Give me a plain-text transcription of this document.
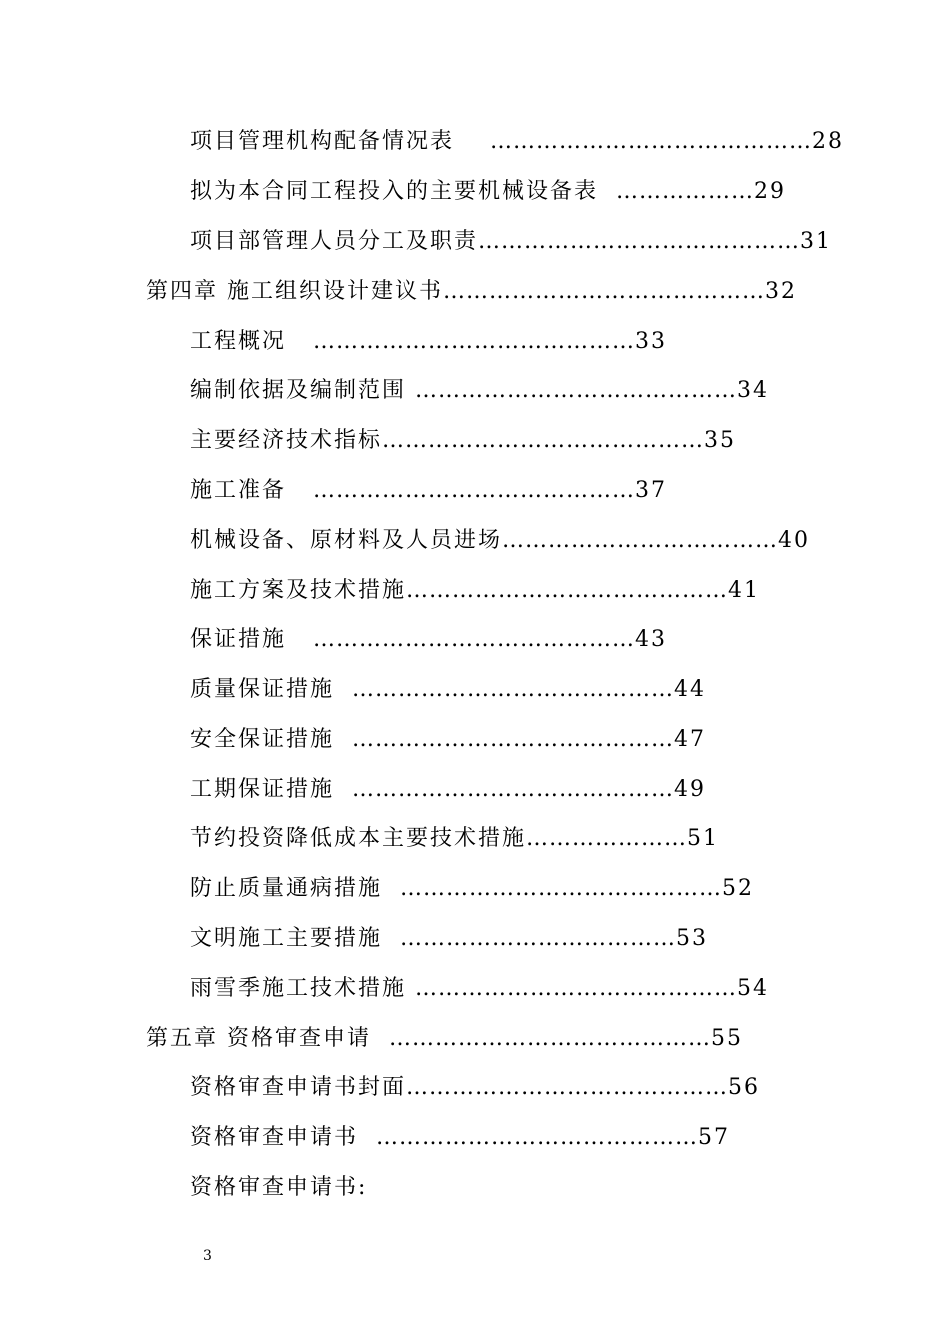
项目管理机构配备情况表 ……………………………………28
拟为本合同工程投入的主要机械设备表 ………………29
项目部管理人员分工及职责……………………………………31
第四章 施工组织设计建议书……………………………………32
工程概况 ……………………………………33
编制依据及编制范围 ……………………………………34
主要经济技术指标……………………………………35
施工准备 ……………………………………37
机械设备、原材料及人员进场………………………………40
施工方案及技术措施……………………………………41
保证措施 ……………………………………43
质量保证措施 ……………………………………44
安全保证措施 ……………………………………47
工期保证措施 ……………………………………49
节约投资降低成本主要技术措施…………………51
防止质量通病措施 ……………………………………52
文明施工主要措施 ………………………………53
雨雪季施工技术措施 ……………………………………54
第五章 资格审查申请 ……………………………………55
资格审查申请书封面……………………………………56
资格审查申请书 ……………………………………57
资格审查申请书:
3
